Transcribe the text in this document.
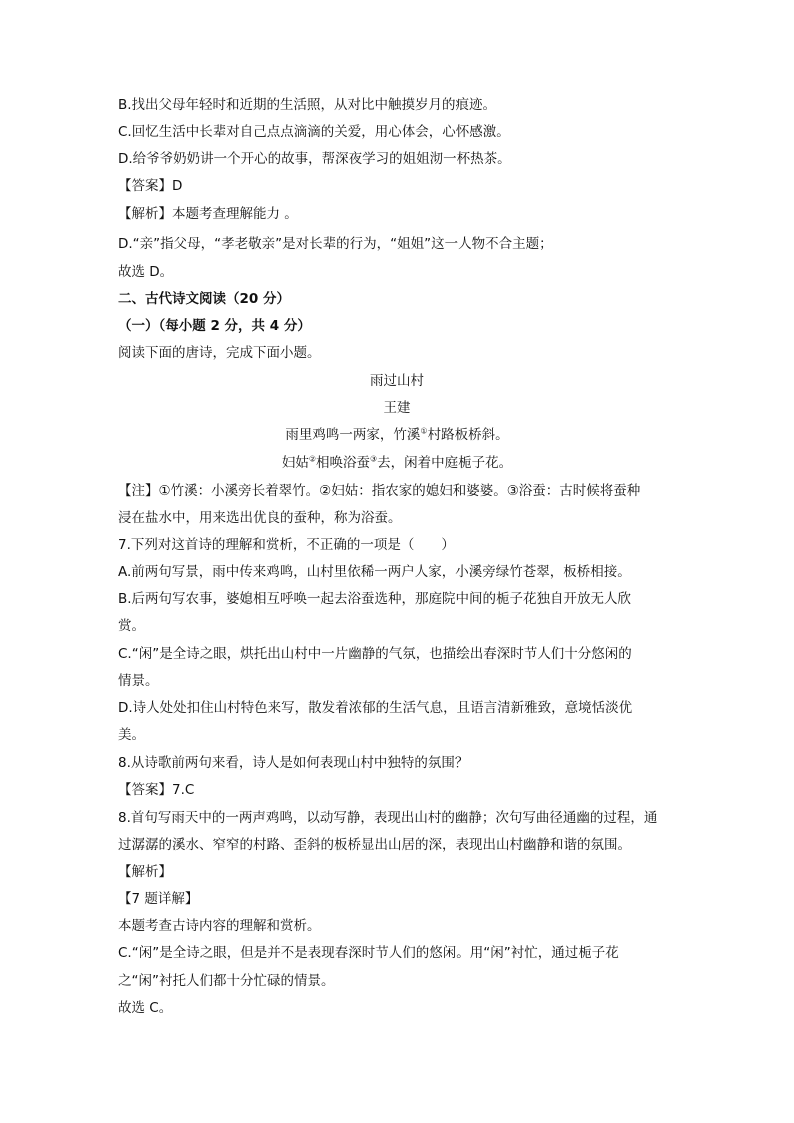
B.找出父母年轻时和近期的生活照，从对比中触摸岁月的痕迹。
C.回忆生活中长辈对自己点点滴滴的关爱，用心体会，心怀感激。
D.给爷爷奶奶讲一个开心的故事，帮深夜学习的姐姐沏一杯热茶。
【答案】D
【解析】本题考查理解能力 。
D.“亲”指父母，“孝老敬亲”是对长辈的行为，“姐姐”这一人物不合主题；
故选 D。
二、古代诗文阅读（20 分）
（一）（每小题 2 分，共 4 分）
阅读下面的唐诗，完成下面小题。
雨过山村
王建
雨里鸡鸣一两家，竹溪①村路板桥斜。
妇姑②相唤浴蚕③去，闲着中庭栀子花。
【注】①竹溪：小溪旁长着翠竹。②妇姑：指农家的媳妇和婆婆。③浴蚕：古时候将蚕种
浸在盐水中，用来选出优良的蚕种，称为浴蚕。
7.下列对这首诗的理解和赏析，不正确的一项是（　　）
A.前两句写景，雨中传来鸡鸣，山村里依稀一两户人家，小溪旁绿竹苍翠，板桥相接。
B.后两句写农事，婆媳相互呼唤一起去浴蚕选种，那庭院中间的栀子花独自开放无人欣
赏。
C.“闲”是全诗之眼，烘托出山村中一片幽静的气氛，也描绘出春深时节人们十分悠闲的
情景。
D.诗人处处扣住山村特色来写，散发着浓郁的生活气息，且语言清新雅致，意境恬淡优
美。
8.从诗歌前两句来看，诗人是如何表现山村中独特的氛围？
【答案】7.C
8.首句写雨天中的一两声鸡鸣，以动写静，表现出山村的幽静；次句写曲径通幽的过程，通
过潺潺的溪水、窄窄的村路、歪斜的板桥显出山居的深，表现出山村幽静和谐的氛围。
【解析】
【7 题详解】
本题考查古诗内容的理解和赏析。
C.“闲”是全诗之眼，但是并不是表现春深时节人们的悠闲。用“闲”衬忙，通过栀子花
之“闲”衬托人们都十分忙碌的情景。
故选 C。
